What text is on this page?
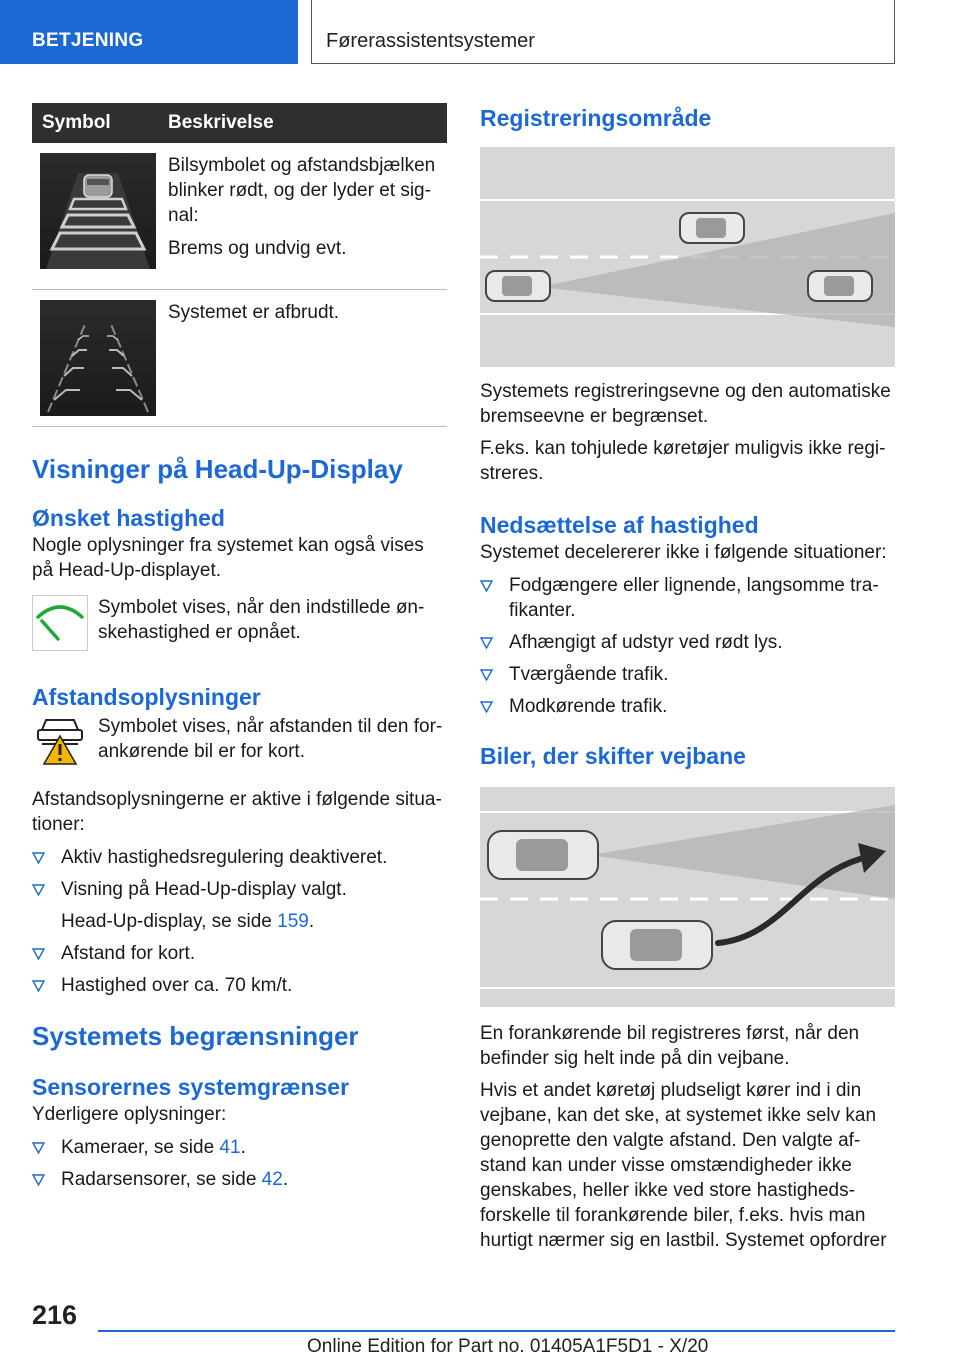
BETJENING	Førerassistentsystemer
Symbol	Beskrivelse

Bilsymbolet og afstandsbjælken blinker rødt, og der lyder et sig-nal:

Brems og undvig evt.

Systemet er afbrudt.

Visninger på Head-Up-Display
Ønsket hastighed

Nogle oplysninger fra systemet kan også vises på Head-Up-displayet.

Symbolet vises, når den indstillede øn-skehastighed er opnået.
Afstandsoplysninger
Symbolet vises, når afstanden til den for-ankørende bil er for kort.

Afstandsoplysningerne er aktive i følgende situa-tioner:

Aktiv hastighedsregulering deaktiveret.
Visning på Head-Up-display valgt.
Head-Up-display, se side 159.
Afstand for kort.
Hastighed over ca. 70 km/t.
Systemets begrænsninger
Sensorernes systemgrænser

Yderligere oplysninger:

Kameraer, se side 41.
Radarsensorer, se side 42.
Registreringsområde

Systemets registreringsevne og den automatiske bremseevne er begrænset.

F.eks. kan tohjulede køretøjer muligvis ikke regi-streres.

Nedsættelse af hastighed

Systemet decelererer ikke i følgende situationer:

Fodgængere eller lignende, langsomme tra-fikanter.
Afhængigt af udstyr ved rødt lys.
Tværgående trafik.
Modkørende trafik.
Biler, der skifter vejbane

En forankørende bil registreres først, når den befinder sig helt inde på din vejbane.

Hvis et andet køretøj pludseligt kører ind i din vejbane, kan det ske, at systemet ikke selv kan genoprette den valgte afstand. Den valgte af-stand kan under visse omstændigheder ikke genskabes, heller ikke ved store hastigheds-forskelle til forankørende biler, f.eks. hvis man hurtigt nærmer sig en lastbil. Systemet opfordrer

216
Online Edition for Part no. 01405A1F5D1 - X/20
